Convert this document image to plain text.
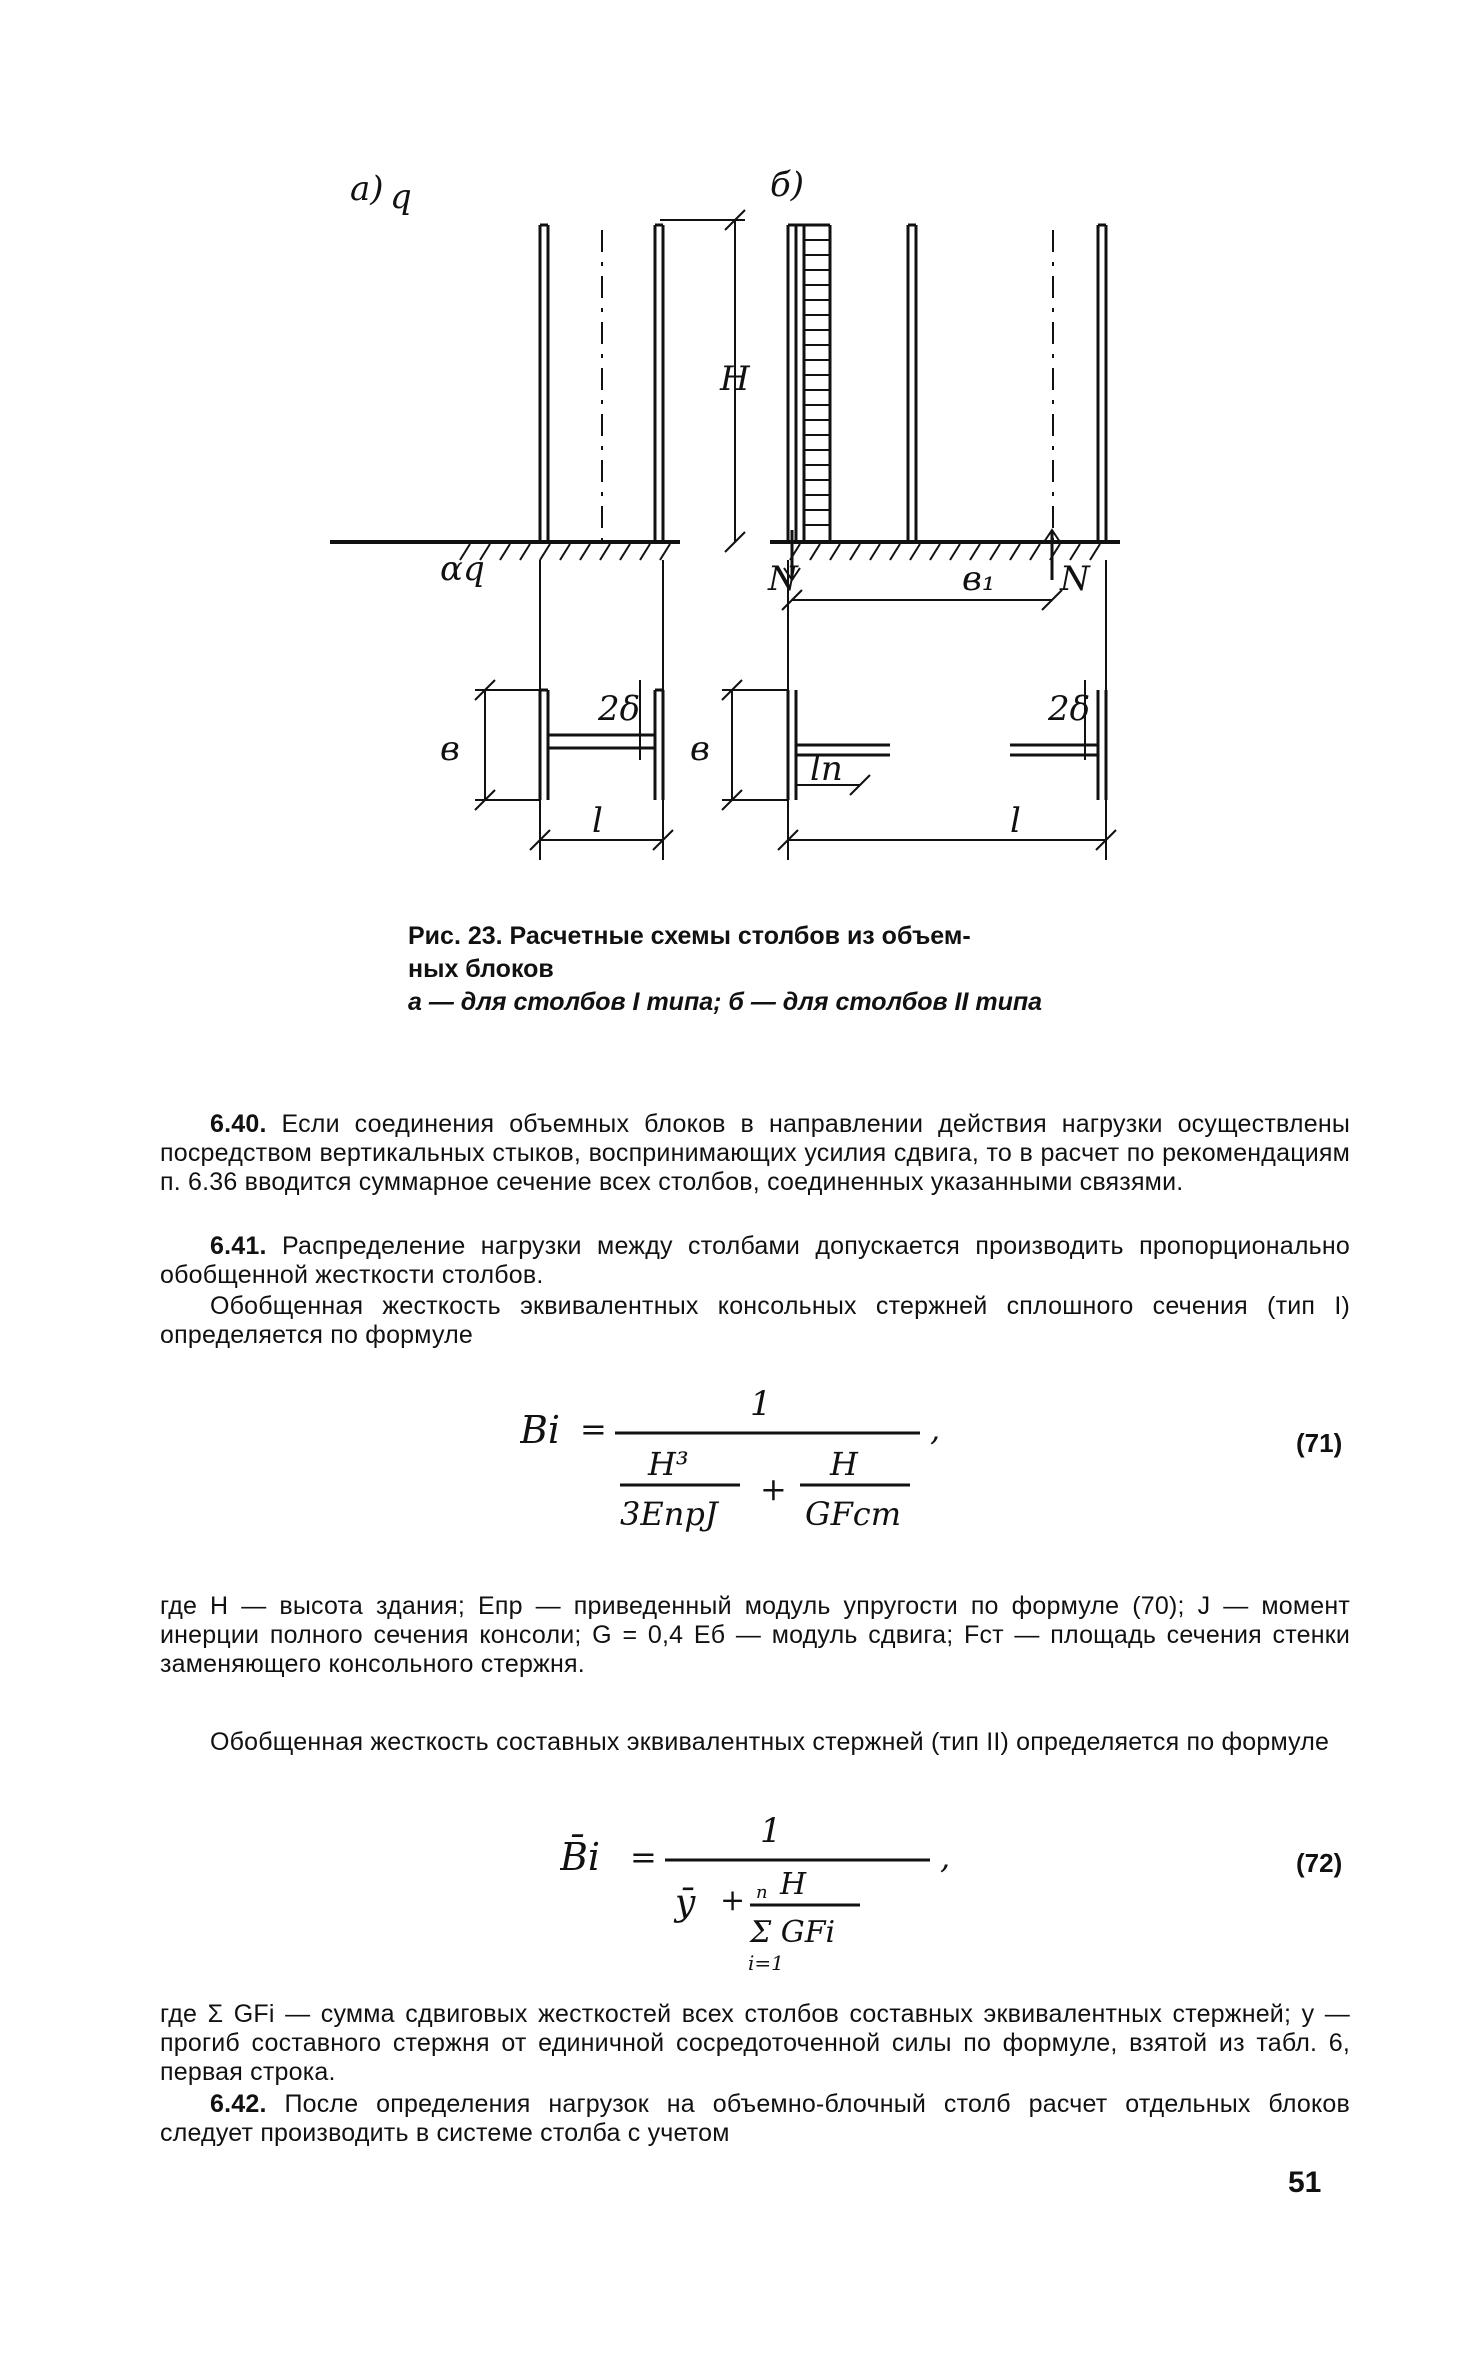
а) q
αq
H
в
2δ
l
б)
N	N
в₁
в
2δ
lп
l
Рис. 23. Расчетные схемы столбов из объем-
ных блоков
а — для столбов I типа; б — для столбов II типа
6.40. Если соединения объемных блоков в направлении действия нагрузки осуществлены посредством вертикальных стыков, воспринимающих усилия сдвига, то в расчет по рекомендациям п. 6.36 вводится суммарное сечение всех столбов, соединенных указанными связями.
6.41. Распределение нагрузки между столбами допускается производить пропорционально обобщенной жесткости столбов.
Обобщенная жесткость эквивалентных консольных стержней сплошного сечения (тип I) определяется по формуле
Bi =
1
H³
3EпрJ
+
H
GFст
,	(71)
где H — высота здания; Eпр — приведенный модуль упругости по формуле (70); J — момент инерции полного сечения консоли; G = 0,4 Eб — модуль сдвига; Fст — площадь сечения стенки заменяющего консольного стержня.
Обобщенная жесткость составных эквивалентных стержней (тип II) определяется по формуле
B̄i =
1
ȳ + H
n
Σ GFi
i=1
,	(72)
где Σ GFi — сумма сдвиговых жесткостей всех столбов составных эквивалентных стержней; y — прогиб составного стержня от единичной сосредоточенной силы по формуле, взятой из табл. 6, первая строка.
6.42. После определения нагрузок на объемно-блочный столб расчет отдельных блоков следует производить в системе столба с учетом
51
